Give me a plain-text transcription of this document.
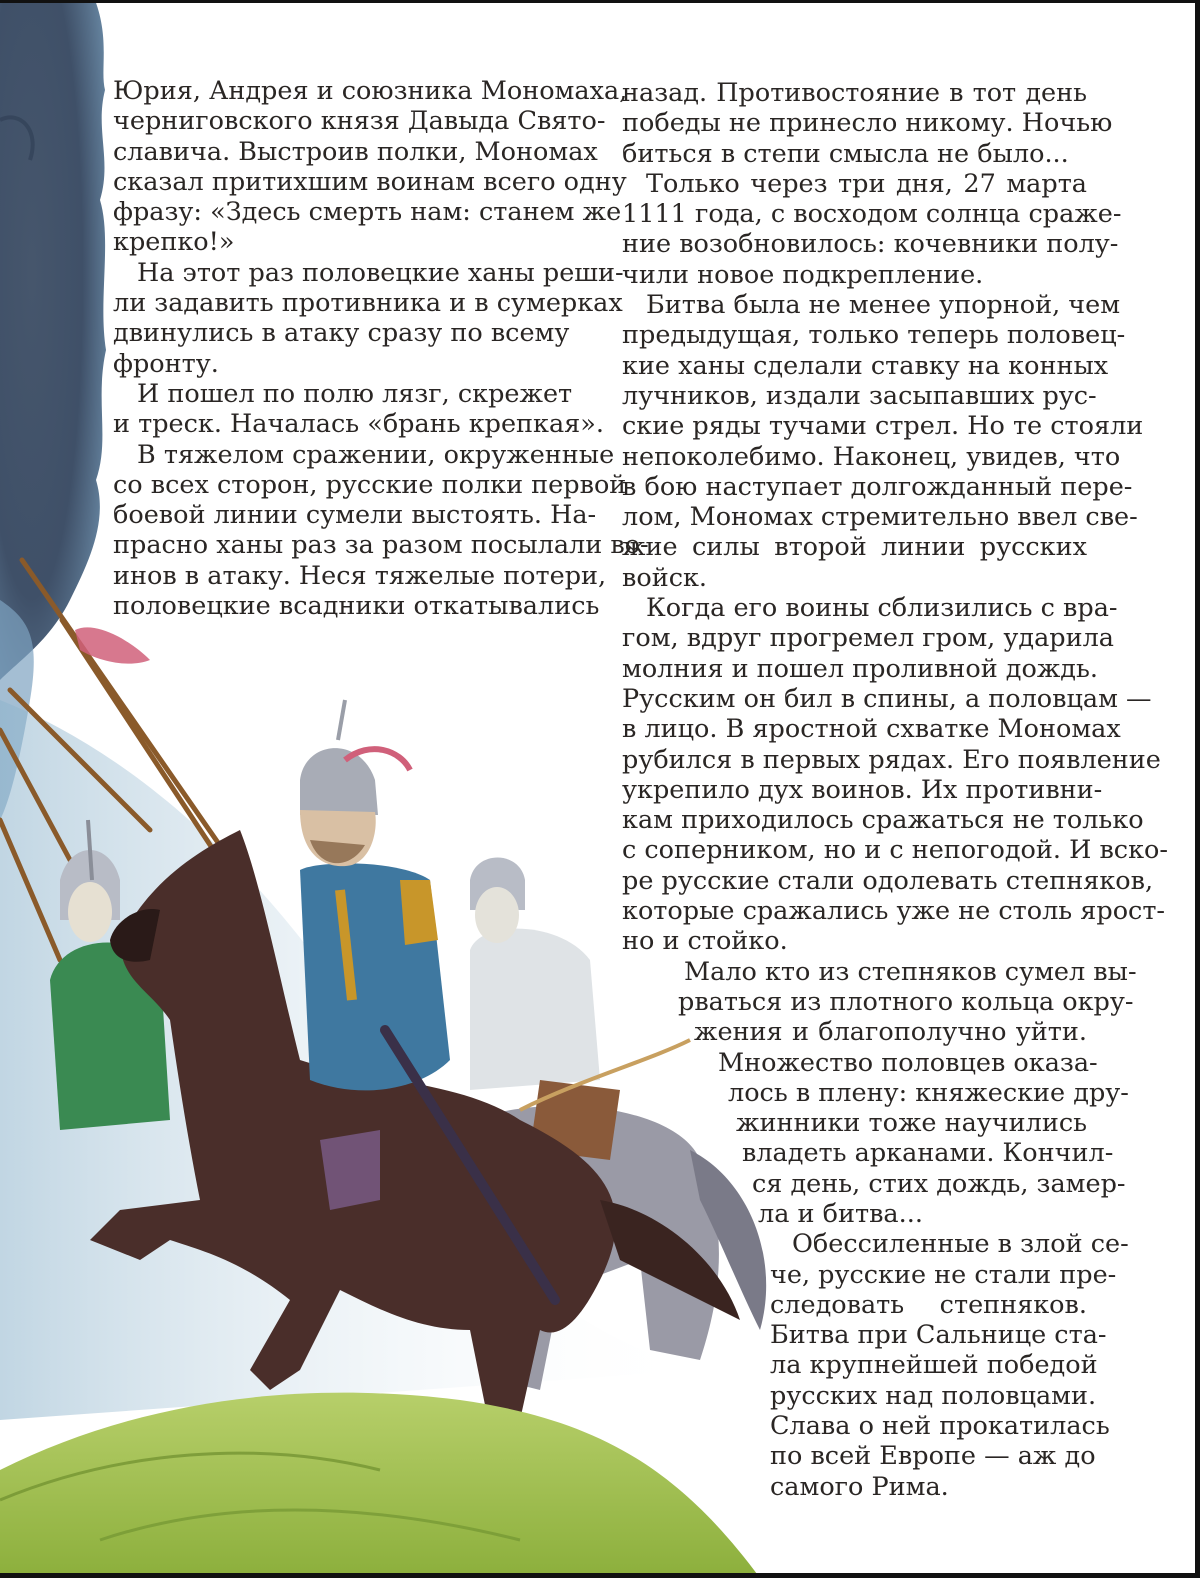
Юрия, Андрея и союзника Мономаха,
черниговского князя Давыда Свято-
славича. Выстроив полки, Мономах
сказал притихшим воинам всего одну
фразу: «Здесь смерть нам: станем же
крепко!»
На этот раз половецкие ханы реши-
ли задавить противника и в сумерках
двинулись в атаку сразу по всему
фронту.
И пошел по полю лязг, скрежет
и треск. Началась «брань крепкая».
В тяжелом сражении, окруженные
со всех сторон, русские полки первой
боевой линии сумели выстоять. На-
прасно ханы раз за разом посылали во-
инов в атаку. Неся тяжелые потери,
половецкие всадники откатывались
назад. Противостояние в тот день
победы не принесло никому. Ночью
биться в степи смысла не было...
Только через три дня, 27 марта
1111 года, с восходом солнца сраже-
ние возобновилось: кочевники полу-
чили новое подкрепление.
Битва была не менее упорной, чем
предыдущая, только теперь половец-
кие ханы сделали ставку на конных
лучников, издали засыпавших рус-
ские ряды тучами стрел. Но те стояли
непоколебимо. Наконец, увидев, что
в бою наступает долгожданный пере-
лом, Мономах стремительно ввел све-
жие силы второй линии русских
войск.
Когда его воины сблизились с вра-
гом, вдруг прогремел гром, ударила
молния и пошел проливной дождь.
Русским он бил в спины, а половцам —
в лицо. В яростной схватке Мономах
рубился в первых рядах. Его появление
укрепило дух воинов. Их противни-
кам приходилось сражаться не только
с соперником, но и с непогодой. И вско-
ре русские стали одолевать степняков,
которые сражались уже не столь ярост-
но и стойко.
Мало кто из степняков сумел вы-
рваться из плотного кольца окру-
жения и благополучно уйти.
Множество половцев оказа-
лось в плену: княжеские дру-
жинники тоже научились
владеть арканами. Кончил-
ся день, стих дождь, замер-
ла и битва...
Обессиленные в злой се-
че, русские не стали пре-
следовать степняков.
Битва при Сальнице ста-
ла крупнейшей победой
русских над половцами.
Слава о ней прокатилась
по всей Европе — аж до
самого Рима.
